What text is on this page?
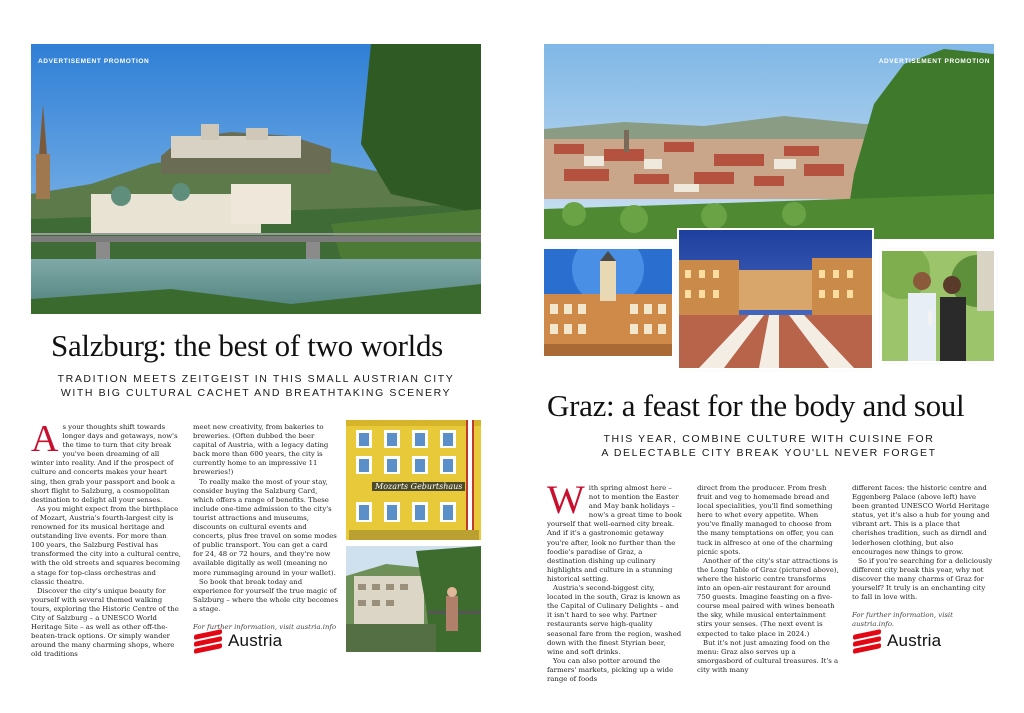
ADVERTISEMENT PROMOTION
Salzburg: the best of two worlds
TRADITION MEETS ZEITGEIST IN THIS SMALL AUSTRIAN CITY
WITH BIG CULTURAL CACHET AND BREATHTAKING SCENERY
A s your thoughts shift towards longer days and getaways, now's the time to turn that city break you've been dreaming of all winter into reality. And if the prospect of culture and concerts makes your heart sing, then grab your passport and book a short flight to Salzburg, a cosmopolitan destination to delight all your senses.

As you might expect from the birthplace of Mozart, Austria's fourth-largest city is renowned for its musical heritage and outstanding live events. For more than 100 years, the Salzburg Festival has transformed the city into a cultural centre, with the old streets and squares becoming a stage for top-class orchestras and classic theatre.

Discover the city's unique beauty for yourself with several themed walking tours, exploring the Historic Centre of the City of Salzburg – a UNESCO World Heritage Site – as well as other off-the-beaten-track options. Or simply wander around the many charming shops, where old traditions

meet new creativity, from bakeries to breweries. (Often dubbed the beer capital of Austria, with a legacy dating back more than 600 years, the city is currently home to an impressive 11 breweries!)

To really make the most of your stay, consider buying the Salzburg Card, which offers a range of benefits. These include one-time admission to the city's tourist attractions and museums, discounts on cultural events and concerts, plus free travel on some modes of public transport. You can get a card for 24, 48 or 72 hours, and they're now available digitally as well (meaning no more rummaging around in your wallet).

So book that break today and experience for yourself the true magic of Salzburg – where the whole city becomes a stage.

For further information, visit austria.info

Mozarts Geburtshaus
Austria
ADVERTISEMENT PROMOTION
Graz: a feast for the body and soul
THIS YEAR, COMBINE CULTURE WITH CUISINE FOR
A DELECTABLE CITY BREAK YOU'LL NEVER FORGET
W ith spring almost here – not to mention the Easter and May bank holidays – now's a great time to book yourself that well-earned city break. And if it's a gastronomic getaway you're after, look no further than the foodie's paradise of Graz, a destination dishing up culinary highlights and culture in a stunning historical setting.

Austria's second-biggest city, located in the south, Graz is known as the Capital of Culinary Delights – and it isn't hard to see why. Partner restaurants serve high-quality seasonal fare from the region, washed down with the finest Styrian beer, wine and soft drinks.

You can also potter around the farmers' markets, picking up a wide range of foods

direct from the producer. From fresh fruit and veg to homemade bread and local specialities, you'll find something here to whet every appetite. When you've finally managed to choose from the many temptations on offer, you can tuck in alfresco at one of the charming picnic spots.

Another of the city's star attractions is the Long Table of Graz (pictured above), where the historic centre transforms into an open-air restaurant for around 750 guests. Imagine feasting on a five-course meal paired with wines beneath the sky, while musical entertainment stirs your senses. (The next event is expected to take place in 2024.)

But it's not just amazing food on the menu: Graz also serves up a smorgasbord of cultural treasures. It's a city with many

different faces: the historic centre and Eggenberg Palace (above left) have been granted UNESCO World Heritage status, yet it's also a hub for young and vibrant art. This is a place that cherishes tradition, such as dirndl and lederhosen clothing, but also encourages new things to grow.

So if you're searching for a deliciously different city break this year, why not discover the many charms of Graz for yourself? It truly is an enchanting city to fall in love with.

For further information, visit austria.info.

Austria
